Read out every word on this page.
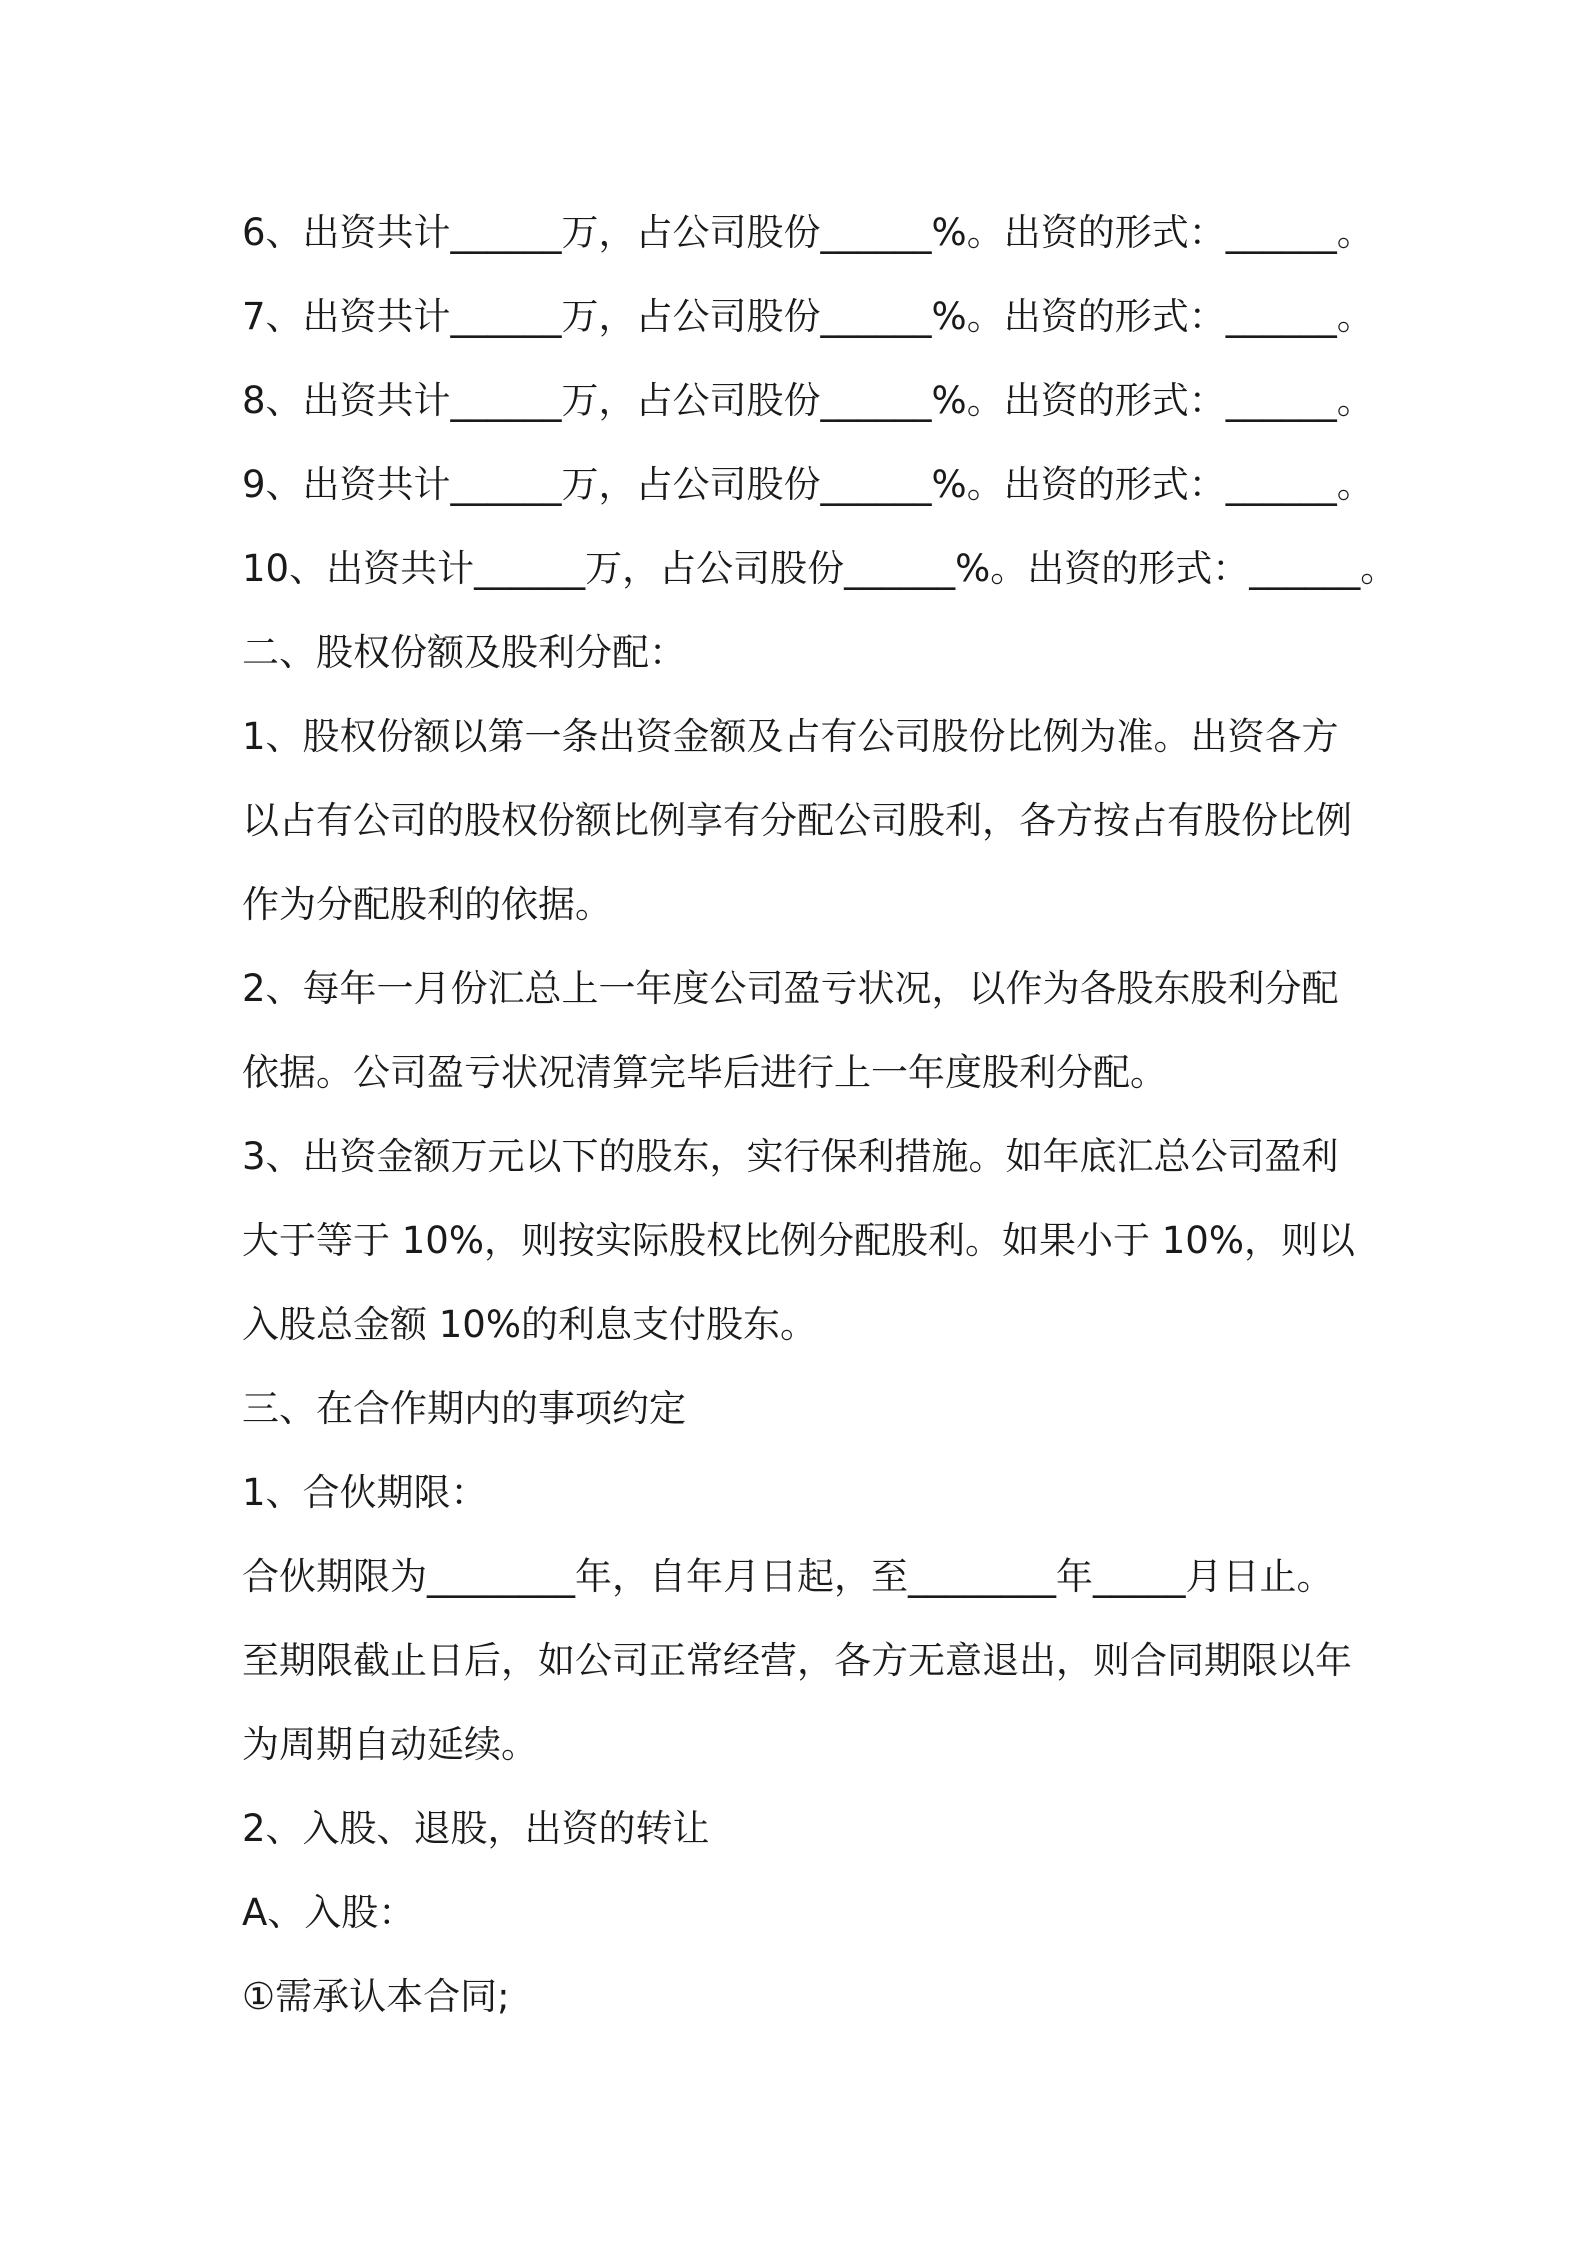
6、出资共计______万，占公司股份______%。出资的形式：______。
7、出资共计______万，占公司股份______%。出资的形式：______。
8、出资共计______万，占公司股份______%。出资的形式：______。
9、出资共计______万，占公司股份______%。出资的形式：______。
10、出资共计______万，占公司股份______%。出资的形式：______。
二、股权份额及股利分配：
1、股权份额以第一条出资金额及占有公司股份比例为准。出资各方
以占有公司的股权份额比例享有分配公司股利，各方按占有股份比例
作为分配股利的依据。
2、每年一月份汇总上一年度公司盈亏状况，以作为各股东股利分配
依据。公司盈亏状况清算完毕后进行上一年度股利分配。
3、出资金额万元以下的股东，实行保利措施。如年底汇总公司盈利
大于等于 10%，则按实际股权比例分配股利。如果小于 10%，则以
入股总金额 10%的利息支付股东。
三、在合作期内的事项约定
1、合伙期限：
合伙期限为________年，自年月日起，至________年_____月日止。
至期限截止日后，如公司正常经营，各方无意退出，则合同期限以年
为周期自动延续。
2、入股、退股，出资的转让
A、入股：
①需承认本合同;
